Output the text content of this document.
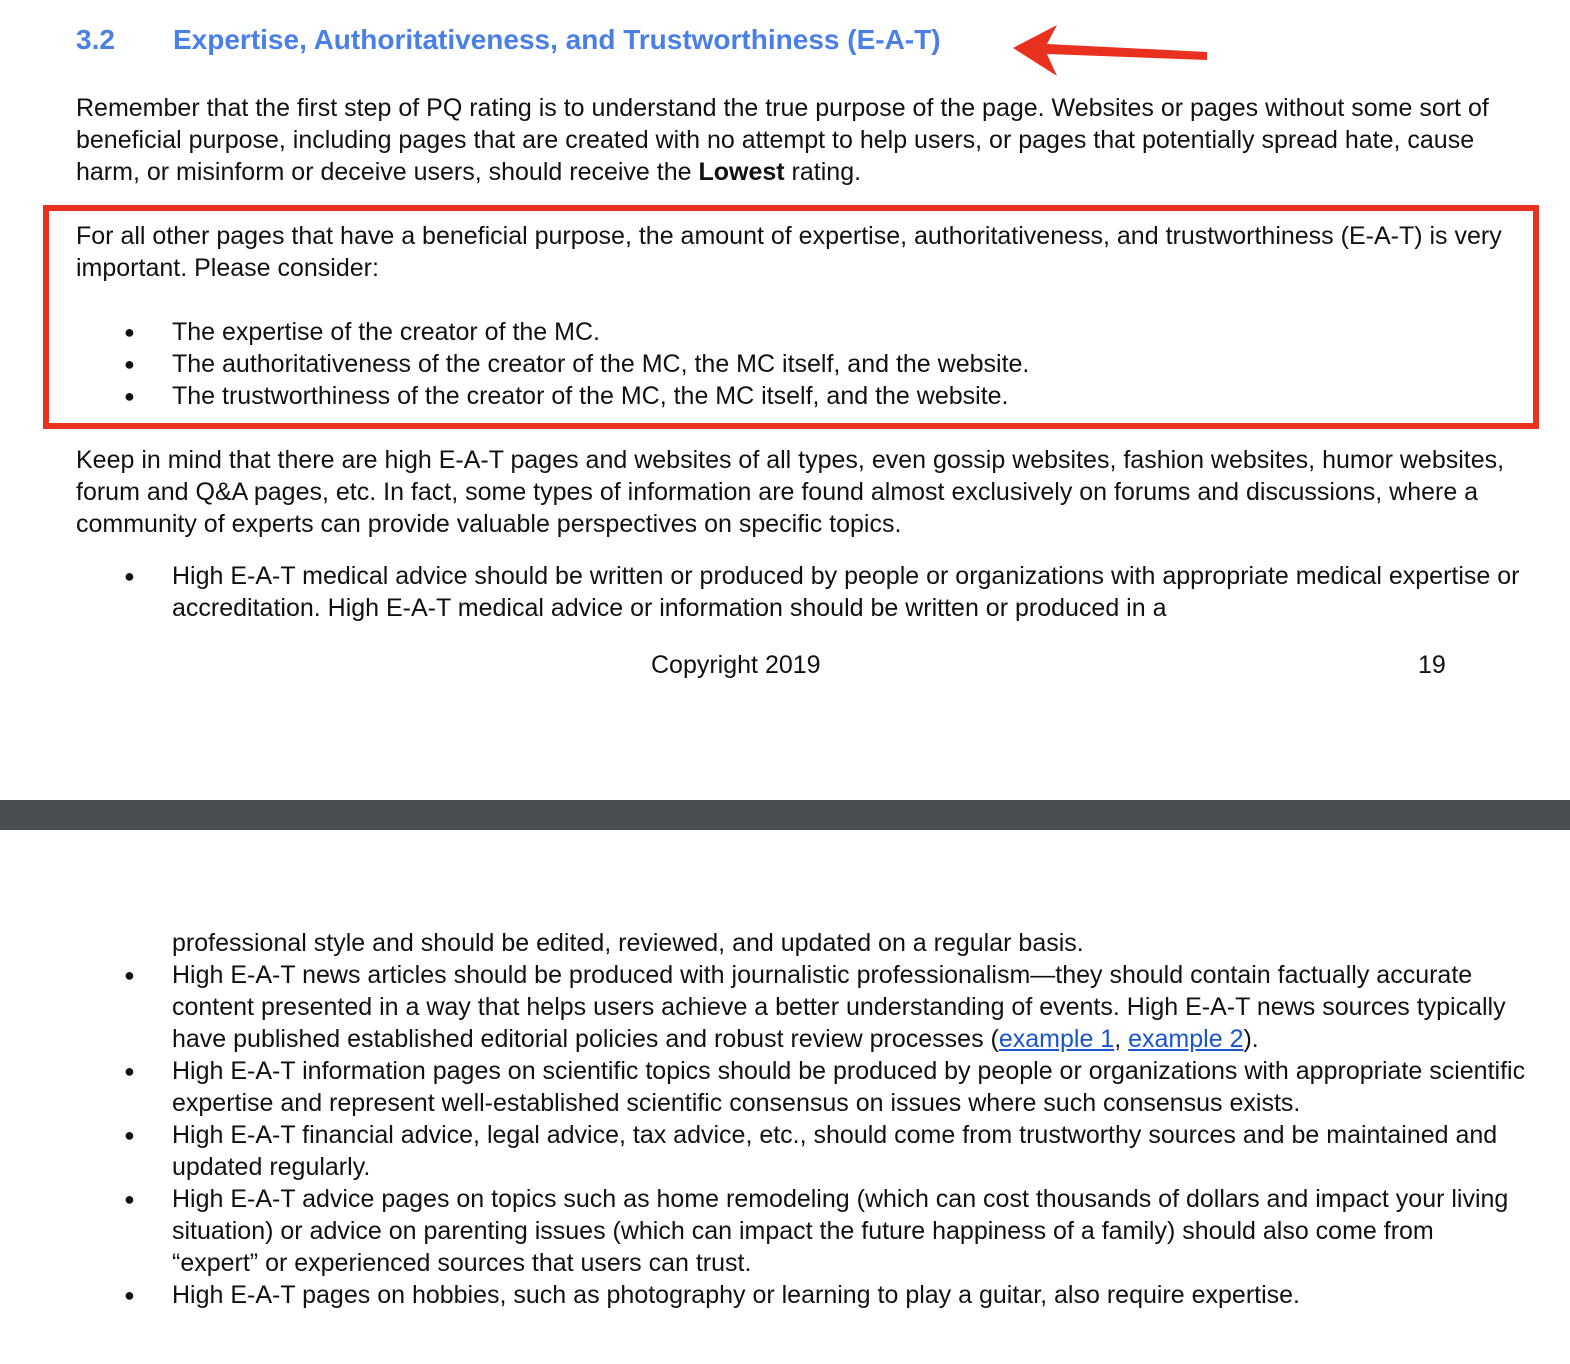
3.2 Expertise, Authoritativeness, and Trustworthiness (E-A-T)

Remember that the first step of PQ rating is to understand the true purpose of the page. Websites or pages without some sort of beneficial purpose, including pages that are created with no attempt to help users, or pages that potentially spread hate, cause harm, or misinform or deceive users, should receive the Lowest rating.

For all other pages that have a beneficial purpose, the amount of expertise, authoritativeness, and trustworthiness (E-A-T) is very important. Please consider:

● The expertise of the creator of the MC.
● The authoritativeness of the creator of the MC, the MC itself, and the website.
● The trustworthiness of the creator of the MC, the MC itself, and the website.

Keep in mind that there are high E-A-T pages and websites of all types, even gossip websites, fashion websites, humor websites, forum and Q&A pages, etc. In fact, some types of information are found almost exclusively on forums and discussions, where a community of experts can provide valuable perspectives on specific topics.

● High E-A-T medical advice should be written or produced by people or organizations with appropriate medical expertise or accreditation. High E-A-T medical advice or information should be written or produced in a
Copyright 2019	19
professional style and should be edited, reviewed, and updated on a regular basis.
● High E-A-T news articles should be produced with journalistic professionalism—they should contain factually accurate content presented in a way that helps users achieve a better understanding of events. High E-A-T news sources typically have published established editorial policies and robust review processes (example 1, example 2).
● High E-A-T information pages on scientific topics should be produced by people or organizations with appropriate scientific expertise and represent well-established scientific consensus on issues where such consensus exists.
● High E-A-T financial advice, legal advice, tax advice, etc., should come from trustworthy sources and be maintained and updated regularly.
● High E-A-T advice pages on topics such as home remodeling (which can cost thousands of dollars and impact your living situation) or advice on parenting issues (which can impact the future happiness of a family) should also come from “expert” or experienced sources that users can trust.
● High E-A-T pages on hobbies, such as photography or learning to play a guitar, also require expertise.
